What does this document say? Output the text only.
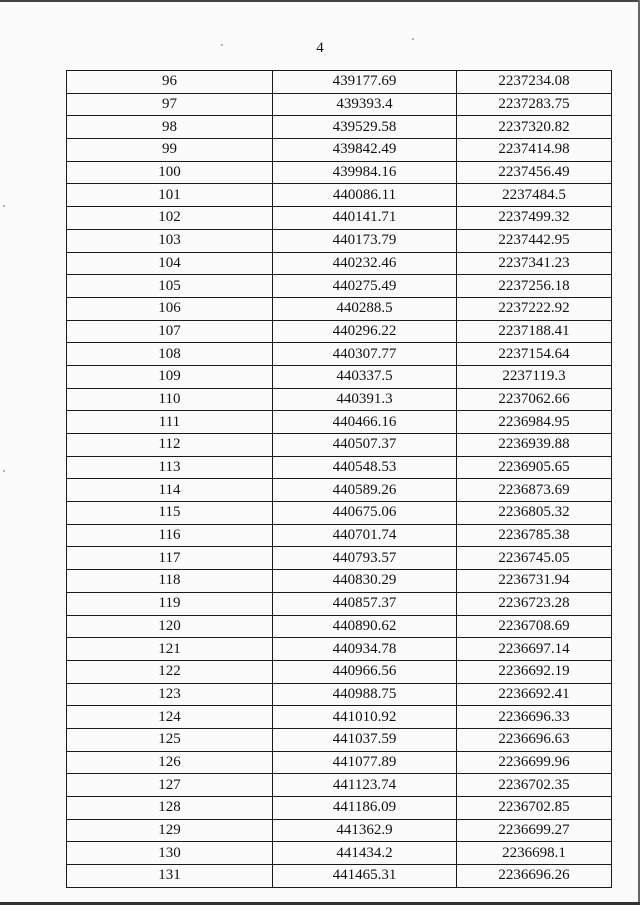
4
96	439177.69	2237234.08
97	439393.4	2237283.75
98	439529.58	2237320.82
99	439842.49	2237414.98
100	439984.16	2237456.49
101	440086.11	2237484.5
102	440141.71	2237499.32
103	440173.79	2237442.95
104	440232.46	2237341.23
105	440275.49	2237256.18
106	440288.5	2237222.92
107	440296.22	2237188.41
108	440307.77	2237154.64
109	440337.5	2237119.3
110	440391.3	2237062.66
111	440466.16	2236984.95
112	440507.37	2236939.88
113	440548.53	2236905.65
114	440589.26	2236873.69
115	440675.06	2236805.32
116	440701.74	2236785.38
117	440793.57	2236745.05
118	440830.29	2236731.94
119	440857.37	2236723.28
120	440890.62	2236708.69
121	440934.78	2236697.14
122	440966.56	2236692.19
123	440988.75	2236692.41
124	441010.92	2236696.33
125	441037.59	2236696.63
126	441077.89	2236699.96
127	441123.74	2236702.35
128	441186.09	2236702.85
129	441362.9	2236699.27
130	441434.2	2236698.1
131	441465.31	2236696.26
